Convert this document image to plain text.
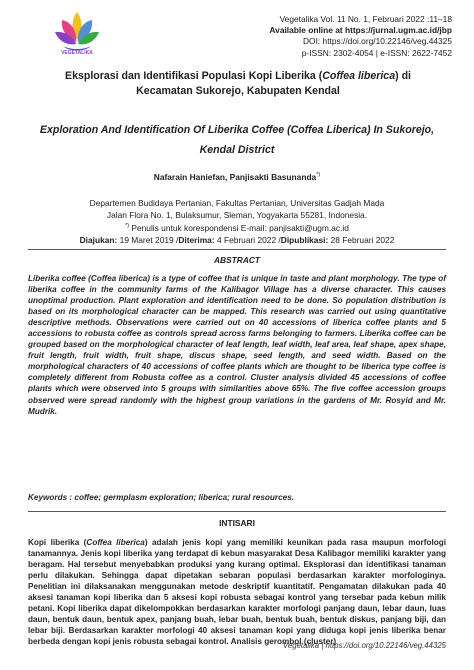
VEGETALIKA
Vegetalika Vol. 11 No. 1, Februari 2022 :11–18
Available online at https://jurnal.ugm.ac.id/jbp
DOI: https://doi.org/10.22146/veg.44325
p-ISSN: 2302-4054 | e-ISSN: 2622-7452
Eksplorasi dan Identifikasi Populasi Kopi Liberika (Coffea liberica) di Kecamatan Sukorejo, Kabupaten Kendal
Exploration And Identification Of Liberika Coffee (Coffea Liberica) In Sukorejo, Kendal District
Nafarain Haniefan, Panjisakti Basunanda*)
Departemen Budidaya Pertanian, Fakultas Pertanian, Universitas Gadjah Mada
Jalan Flora No. 1, Bulaksumur, Sleman, Yogyakarta 55281, Indonesia.
*) Penulis untuk korespondensi E-mail: panjisakti@ugm.ac.id
Diajukan: 19 Maret 2019 /Diterima: 4 Februari 2022 /Dipublikasi: 28 Februari 2022
ABSTRACT
Liberika coffee (Coffea liberica) is a type of coffee that is unique in taste and plant morphology. The type of liberika coffee in the community farms of the Kalibagor Village has a diverse character. This causes unoptimal production. Plant exploration and identification need to be done. So population distribution is based on its morphological character can be mapped. This research was carried out using quantitative descriptive methods. Observations were carried out on 40 accessions of liberica coffee plants and 5 accessions to robusta coffee as controls spread across farms belonging to farmers. Liberika coffee can be grouped based on the morphological character of leaf length, leaf width, leaf area, leaf shape, apex shape, fruit length, fruit width, fruit shape, discus shape, seed length, and seed width. Based on the morphological characters of 40 accessions of coffee plants which are thought to be liberica type coffee is completely different from Robusta coffee as a control. Cluster analysis divided 45 accessions of coffee plants which were observed into 5 groups with similarities above 65%. The five coffee accession groups observed were spread randomly with the highest group variations in the gardens of Mr. Rosyid and Mr. Mudrik.
Keywords : coffee; germplasm exploration; liberica; rural resources.
INTISARI
Kopi liberika (Coffea liberica) adalah jenis kopi yang memiliki keunikan pada rasa maupun morfologi tanamannya. Jenis kopi liberika yang terdapat di kebun masyarakat Desa Kalibagor memiliki karakter yang beragam. Hal tersebut menyebabkan produksi yang kurang optimal. Eksplorasi dan identifikasi tanaman perlu dilakukan. Sehingga dapat dipetakan sebaran populasi berdasarkan karakter morfologinya. Penelitian ini dilaksanakan menggunakan metode deskriptif kuantitatif. Pengamatan dilakukan pada 40 aksesi tanaman kopi liberika dan 5 aksesi kopi robusta sebagai kontrol yang tersebar pada kebun milik petani. Kopi liberika dapat dikelompokkan berdasarkan karakter morfologi panjang daun, lebar daun, luas daun, bentuk daun, bentuk apex, panjang buah, lebar buah, bentuk buah, bentuk diskus, panjang biji, dan lebar biji. Berdasarkan karakter morfologi 40 aksesi tanaman kopi yang diduga kopi jenis liberika benar berbeda dengan kopi jenis robusta sebagai kontrol. Analisis gerombol (cluster)
Vegetalika | https://doi.org/10.22146/veg.44325
